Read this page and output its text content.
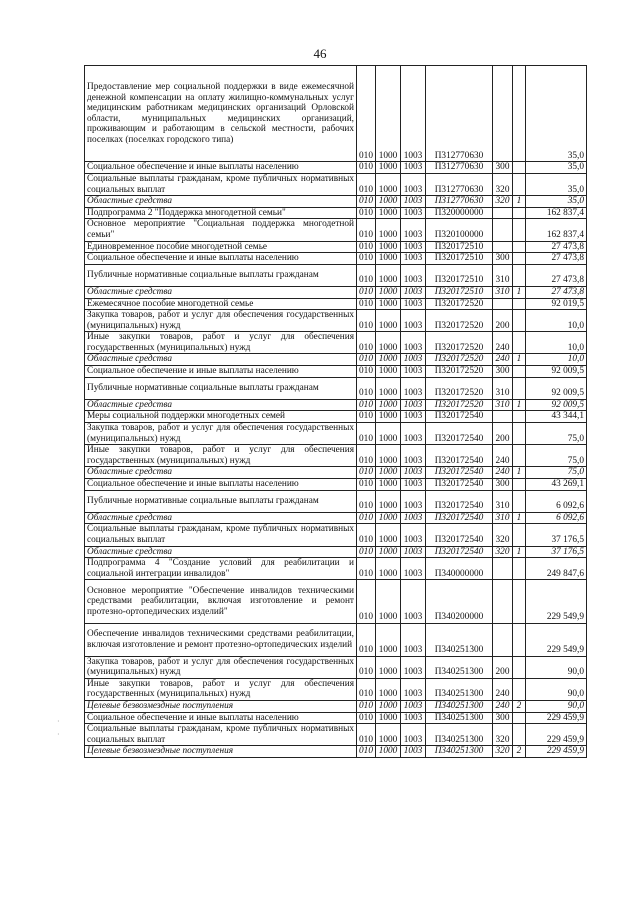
46
Предоставление мер социальной поддержки в виде ежемесячной денежной компенсации на оплату жилищно-коммунальных услуг медицинским работникам медицинских организаций Орловской области, муниципальных медицинских организаций, проживающим и работающим в сельской местности, рабочих поселках (поселках городского типа)	010	1000	1003	П312770630			35,0
Социальное обеспечение и иные выплаты населению	010	1000	1003	П312770630	300		35,0
Социальные выплаты гражданам, кроме публичных нормативных социальных выплат	010	1000	1003	П312770630	320		35,0
Областные средства	010	1000	1003	П312770630	320	1	35,0
Подпрограмма 2 "Поддержка многодетной семьи"	010	1000	1003	П320000000			162 837,4
Основное мероприятие "Социальная поддержка многодетной семьи"	010	1000	1003	П320100000			162 837,4
Единовременное пособие многодетной семье	010	1000	1003	П320172510			27 473,8
Социальное обеспечение и иные выплаты населению	010	1000	1003	П320172510	300		27 473,8
Публичные нормативные социальные выплаты гражданам	010	1000	1003	П320172510	310		27 473,8
Областные средства	010	1000	1003	П320172510	310	1	27 473,8
Ежемесячное пособие многодетной семье	010	1000	1003	П320172520			92 019,5
Закупка товаров, работ и услуг для обеспечения государственных (муниципальных) нужд	010	1000	1003	П320172520	200		10,0
Иные закупки товаров, работ и услуг для обеспечения государственных (муниципальных) нужд	010	1000	1003	П320172520	240		10,0
Областные средства	010	1000	1003	П320172520	240	1	10,0
Социальное обеспечение и иные выплаты населению	010	1000	1003	П320172520	300		92 009,5
Публичные нормативные социальные выплаты гражданам	010	1000	1003	П320172520	310		92 009,5
Областные средства	010	1000	1003	П320172520	310	1	92 009,5
Меры социальной поддержки многодетных семей	010	1000	1003	П320172540			43 344,1
Закупка товаров, работ и услуг для обеспечения государственных (муниципальных) нужд	010	1000	1003	П320172540	200		75,0
Иные закупки товаров, работ и услуг для обеспечения государственных (муниципальных) нужд	010	1000	1003	П320172540	240		75,0
Областные средства	010	1000	1003	П320172540	240	1	75,0
Социальное обеспечение и иные выплаты населению	010	1000	1003	П320172540	300		43 269,1
Публичные нормативные социальные выплаты гражданам	010	1000	1003	П320172540	310		6 092,6
Областные средства	010	1000	1003	П320172540	310	1	6 092,6
Социальные выплаты гражданам, кроме публичных нормативных социальных выплат	010	1000	1003	П320172540	320		37 176,5
Областные средства	010	1000	1003	П320172540	320	1	37 176,5
Подпрограмма 4 "Создание условий для реабилитации и социальной интеграции инвалидов"	010	1000	1003	П340000000			249 847,6
Основное мероприятие "Обеспечение инвалидов техническими средствами реабилитации, включая изготовление и ремонт протезно-ортопедических изделий"	010	1000	1003	П340200000			229 549,9
Обеспечение инвалидов техническими средствами реабилитации, включая изготовление и ремонт протезно-ортопедических изделий	010	1000	1003	П340251300			229 549,9
Закупка товаров, работ и услуг для обеспечения государственных (муниципальных) нужд	010	1000	1003	П340251300	200		90,0
Иные закупки товаров, работ и услуг для обеспечения государственных (муниципальных) нужд	010	1000	1003	П340251300	240		90,0
Целевые безвозмездные поступления	010	1000	1003	П340251300	240	2	90,0
Социальное обеспечение и иные выплаты населению	010	1000	1003	П340251300	300		229 459,9
Социальные выплаты гражданам, кроме публичных нормативных социальных выплат	010	1000	1003	П340251300	320		229 459,9
Целевые безвозмездные поступления	010	1000	1003	П340251300	320	2	229 459,9
·
·
